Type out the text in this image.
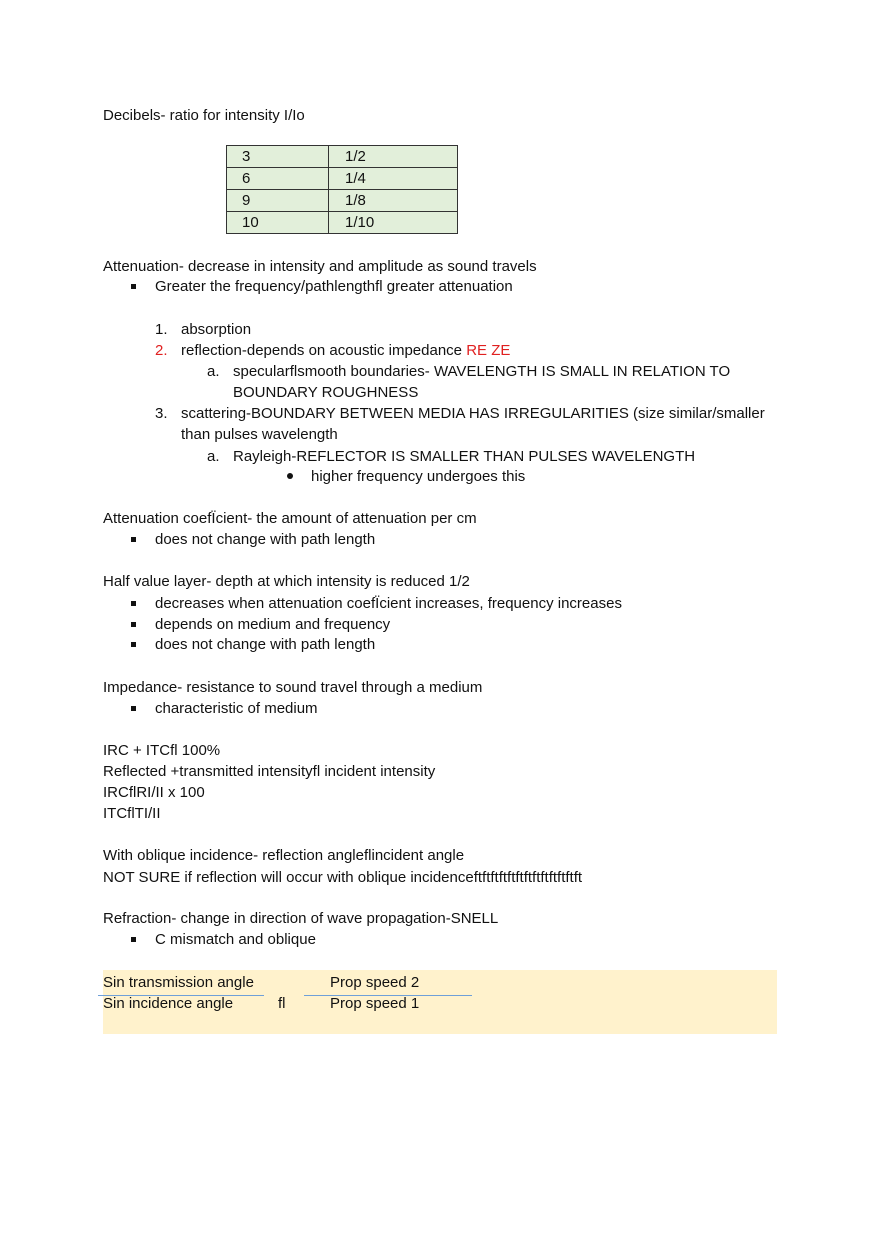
Decibels- ratio for intensity I/Io
3	1/2
6	1/4
9	1/8
10	1/10
Attenuation- decrease in intensity and amplitude as sound travels
Greater the frequency/pathlengthfl greater attenuation
1. absorption
2. reflection-depends on acoustic impedance RE ZE
a. specularflsmooth boundaries- WAVELENGTH IS SMALL IN RELATION TO
BOUNDARY ROUGHNESS
3. scattering-BOUNDARY BETWEEN MEDIA HAS IRREGULARITIES (size similar/smaller
than pulses wavelength
a. Rayleigh-REFLECTOR IS SMALLER THAN PULSES WAVELENGTH
higher frequency undergoes this
Attenuation coefÏcient- the amount of attenuation per cm
does not change with path length
Half value layer- depth at which intensity is reduced 1/2
decreases when attenuation coefÏcient increases, frequency increases
depends on medium and frequency
does not change with path length
Impedance- resistance to sound travel through a medium
characteristic of medium
IRC + ITCfl 100%
Reflected +transmitted intensityfl incident intensity
IRCflRI/II x 100
ITCflTI/II
With oblique incidence- reflection angleflincident angle
NOT SURE if reflection will occur with oblique incidenceftftftftftftftftftftftftft
Refraction- change in direction of wave propagation-SNELL
C mismatch and oblique
Sin transmission angle
Sin incidence angle	fl
Prop speed 2
Prop speed 1
